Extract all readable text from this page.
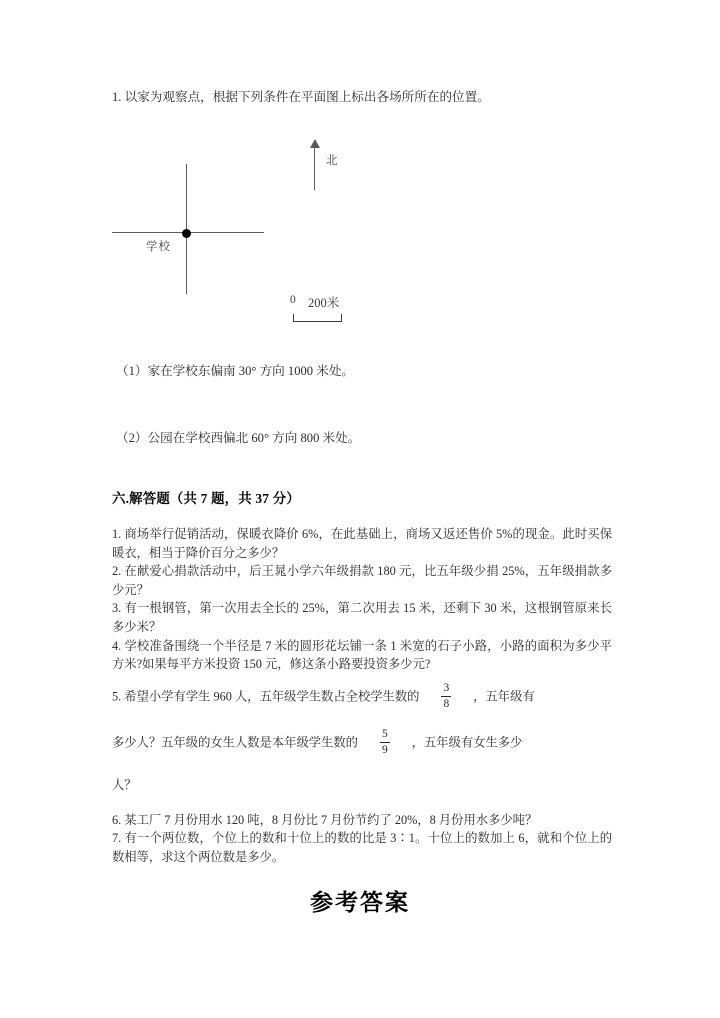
1. 以家为观察点，根据下列条件在平面图上标出各场所所在的位置。
学校
北
0 200米
（1）家在学校东偏南 30° 方向 1000 米处。
（2）公园在学校西偏北 60° 方向 800 米处。
六.解答题（共 7 题，共 37 分）

1. 商场举行促销活动，保暖衣降价 6%，在此基础上，商场又返还售价 5%的现金。此时买保暖衣，相当于降价百分之多少？

2. 在献爱心捐款活动中，后王晁小学六年级捐款 180 元，比五年级少捐 25%，五年级捐款多少元？

3. 有一根钢管，第一次用去全长的 25%，第二次用去 15 米，还剩下 30 米，这根钢管原来长多少米？

4. 学校准备围绕一个半径是 7 米的圆形花坛铺一条 1 米宽的石子小路，小路的面积为多少平方米?如果每平方米投资 150 元，修这条小路要投资多少元?

5. 希望小学有学生 960 人，五年级学生数占全校学生数的 $\frac{3}{8}$ ，五年级有

多少人？五年级的女生人数是本年级学生数的 $\frac{5}{9}$ ，五年级有女生多少

人？

6. 某工厂 7 月份用水 120 吨，8 月份比 7 月份节约了 20%，8 月份用水多少吨？

7. 有一个两位数，个位上的数和十位上的数的比是 3∶1。十位上的数加上 6，就和个位上的数相等，求这个两位数是多少。

参考答案
